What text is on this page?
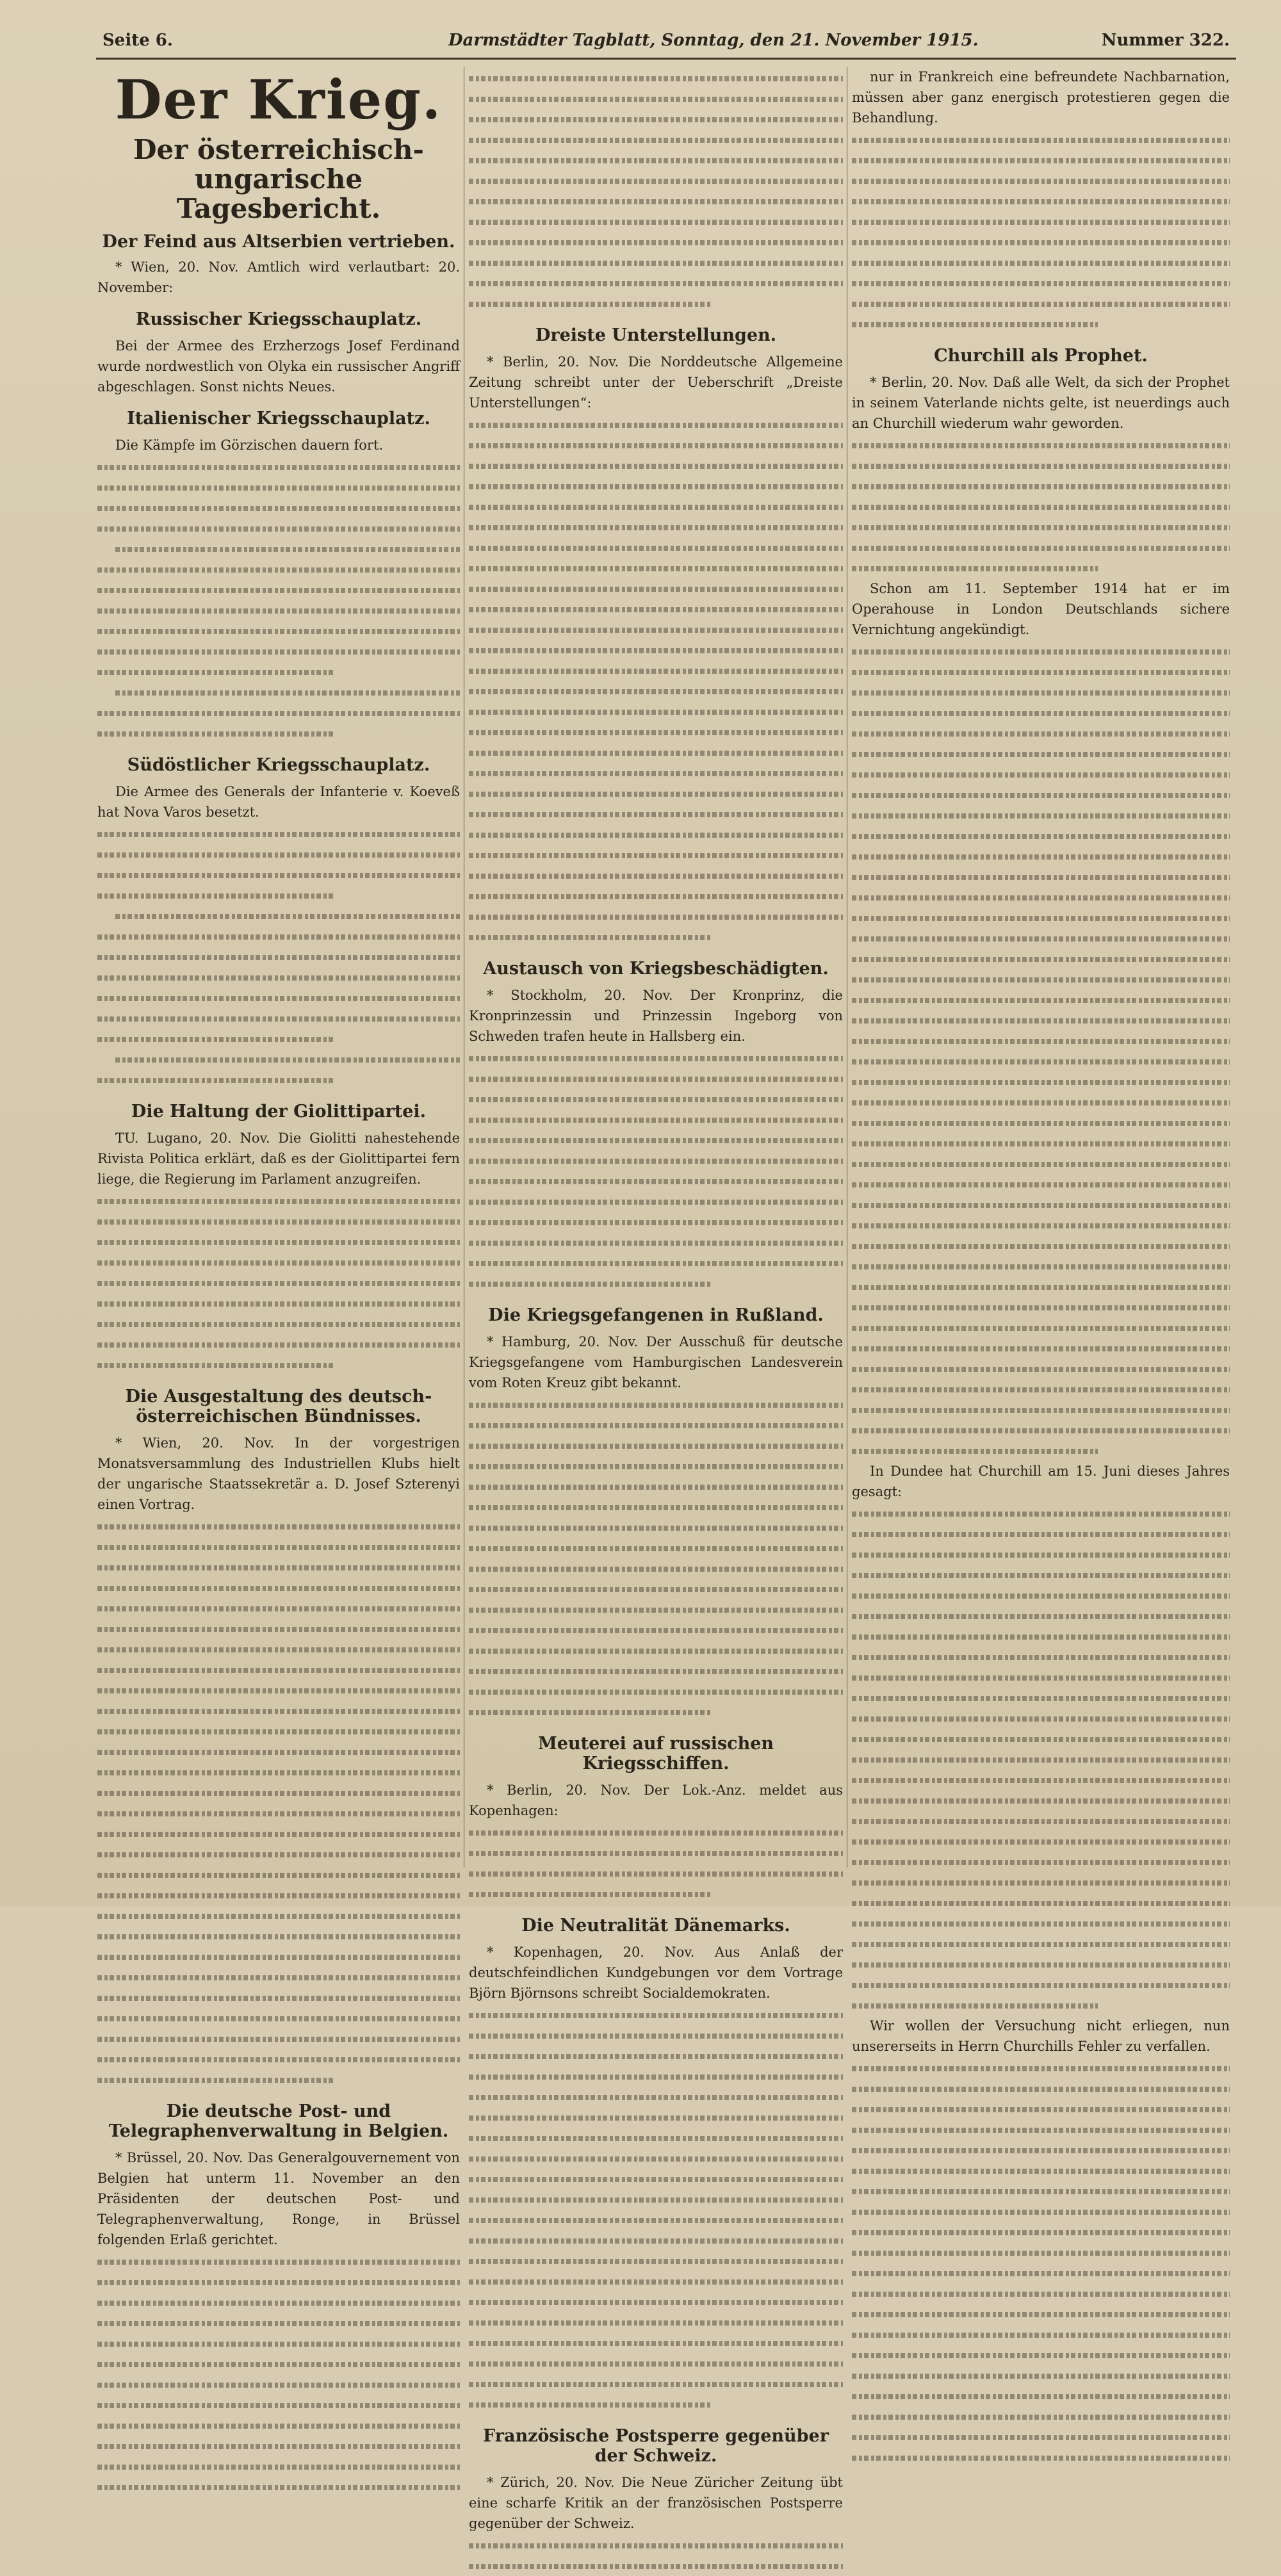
Seite 6.	Darmstädter Tagblatt, Sonntag, den 21. November 1915.	Nummer 322.
Der Krieg.
Der österreichisch-ungarische Tagesbericht.
Der Feind aus Altserbien vertrieben.

* Wien, 20. Nov. Amtlich wird verlautbart: 20. November:

Russischer Kriegsschauplatz.

Bei der Armee des Erzherzogs Josef Ferdinand wurde nordwestlich von Olyka ein russischer Angriff abgeschlagen. Sonst nichts Neues.

Italienischer Kriegsschauplatz.

Die Kämpfe im Görzischen dauern fort.

Südöstlicher Kriegsschauplatz.

Die Armee des Generals der Infanterie v. Koeveß hat Nova Varos besetzt.

Die Haltung der Giolittipartei.

TU. Lugano, 20. Nov. Die Giolitti nahestehende Rivista Politica erklärt, daß es der Giolittipartei fern liege, die Regierung im Parlament anzugreifen.

Die Ausgestaltung des deutsch-österreichischen Bündnisses.

* Wien, 20. Nov. In der vorgestrigen Monatsversammlung des Industriellen Klubs hielt der ungarische Staatssekretär a. D. Josef Szterenyi einen Vortrag.

Die deutsche Post- und Telegraphenverwaltung in Belgien.

* Brüssel, 20. Nov. Das Generalgouvernement von Belgien hat unterm 11. November an den Präsidenten der deutschen Post- und Telegraphenverwaltung, Ronge, in Brüssel folgenden Erlaß gerichtet.

Dreiste Unterstellungen.

* Berlin, 20. Nov. Die Norddeutsche Allgemeine Zeitung schreibt unter der Ueberschrift „Dreiste Unterstellungen“:

Austausch von Kriegsbeschädigten.

* Stockholm, 20. Nov. Der Kronprinz, die Kronprinzessin und Prinzessin Ingeborg von Schweden trafen heute in Hallsberg ein.

Die Kriegsgefangenen in Rußland.

* Hamburg, 20. Nov. Der Ausschuß für deutsche Kriegsgefangene vom Hamburgischen Landesverein vom Roten Kreuz gibt bekannt.

Meuterei auf russischen Kriegsschiffen.

* Berlin, 20. Nov. Der Lok.-Anz. meldet aus Kopenhagen:

Die Neutralität Dänemarks.

* Kopenhagen, 20. Nov. Aus Anlaß der deutschfeindlichen Kundgebungen vor dem Vortrage Björn Björnsons schreibt Socialdemokraten.

Französische Postsperre gegenüber der Schweiz.

* Zürich, 20. Nov. Die Neue Züricher Zeitung übt eine scharfe Kritik an der französischen Postsperre gegenüber der Schweiz.

nur in Frankreich eine befreundete Nachbarnation, müssen aber ganz energisch protestieren gegen die Behandlung.

Churchill als Prophet.

* Berlin, 20. Nov. Daß alle Welt, da sich der Prophet in seinem Vaterlande nichts gelte, ist neuerdings auch an Churchill wiederum wahr geworden.

Schon am 11. September 1914 hat er im Operahouse in London Deutschlands sichere Vernichtung angekündigt.

In Dundee hat Churchill am 15. Juni dieses Jahres gesagt:

Wir wollen der Versuchung nicht erliegen, nun unsererseits in Herrn Churchills Fehler zu verfallen.
